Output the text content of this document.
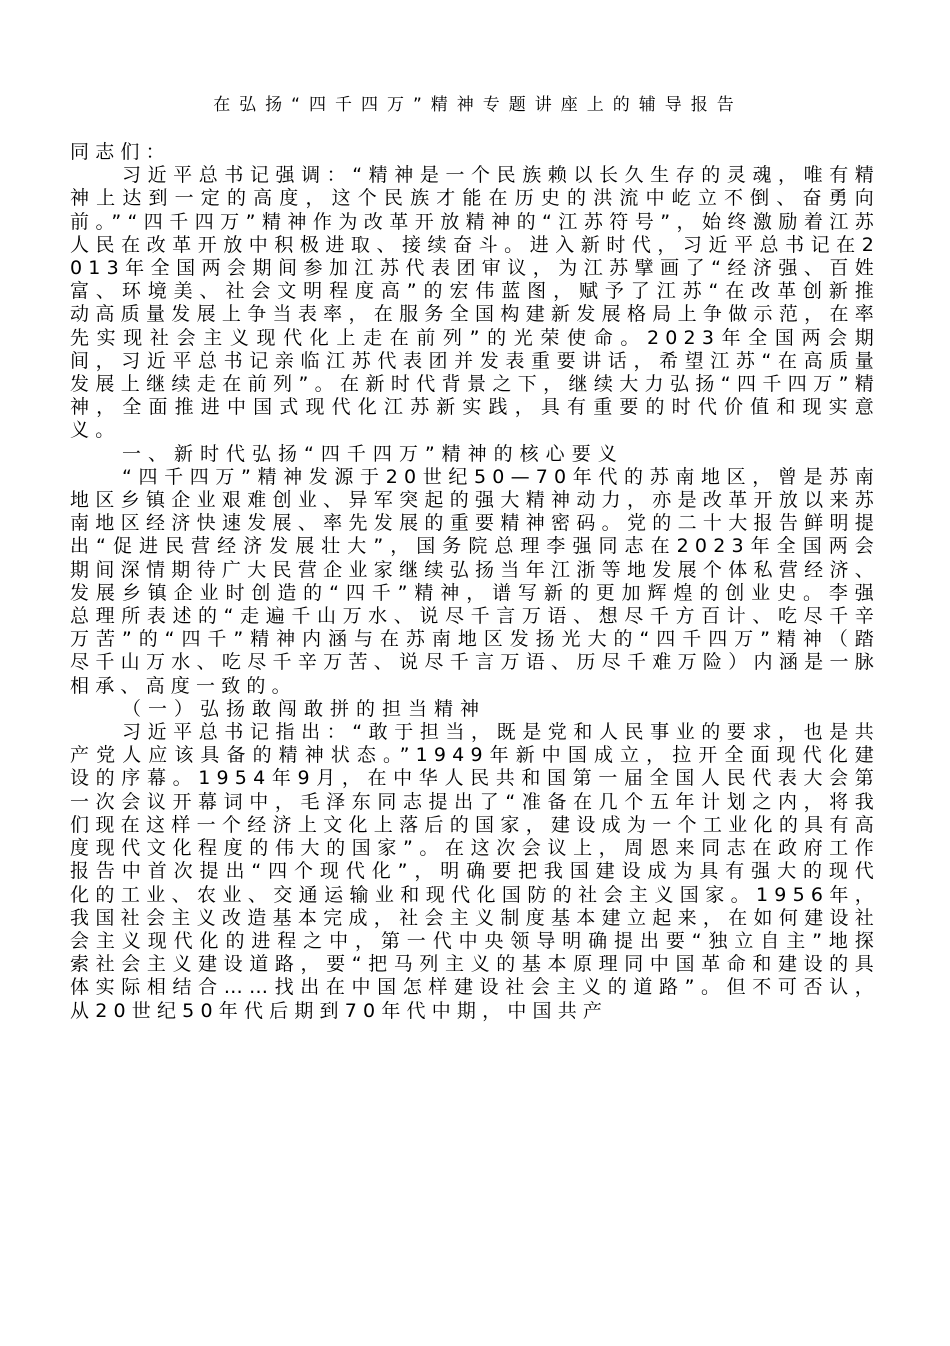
在弘扬“四千四万”精神专题讲座上的辅导报告

同志们：

习近平总书记强调：“精神是一个民族赖以长久生存的灵魂，唯有精神上达到一定的高度，这个民族才能在历史的洪流中屹立不倒、奋勇向前。”“四千四万”精神作为改革开放精神的“江苏符号”，始终激励着江苏人民在改革开放中积极进取、接续奋斗。进入新时代，习近平总书记在2013年全国两会期间参加江苏代表团审议，为江苏擘画了“经济强、百姓富、环境美、社会文明程度高”的宏伟蓝图，赋予了江苏“在改革创新推动高质量发展上争当表率，在服务全国构建新发展格局上争做示范，在率先实现社会主义现代化上走在前列”的光荣使命。2023年全国两会期间，习近平总书记亲临江苏代表团并发表重要讲话，希望江苏“在高质量发展上继续走在前列”。在新时代背景之下，继续大力弘扬“四千四万”精神，全面推进中国式现代化江苏新实践，具有重要的时代价值和现实意义。

一、新时代弘扬“四千四万”精神的核心要义

“四千四万”精神发源于20世纪50—70年代的苏南地区，曾是苏南地区乡镇企业艰难创业、异军突起的强大精神动力，亦是改革开放以来苏南地区经济快速发展、率先发展的重要精神密码。党的二十大报告鲜明提出“促进民营经济发展壮大”，国务院总理李强同志在2023年全国两会期间深情期待广大民营企业家继续弘扬当年江浙等地发展个体私营经济、发展乡镇企业时创造的“四千”精神，谱写新的更加辉煌的创业史。李强总理所表述的“走遍千山万水、说尽千言万语、想尽千方百计、吃尽千辛万苦”的“四千”精神内涵与在苏南地区发扬光大的“四千四万”精神（踏尽千山万水、吃尽千辛万苦、说尽千言万语、历尽千难万险）内涵是一脉相承、高度一致的。

（一）弘扬敢闯敢拼的担当精神

习近平总书记指出：“敢于担当，既是党和人民事业的要求，也是共产党人应该具备的精神状态。”1949年新中国成立，拉开全面现代化建设的序幕。1954年9月，在中华人民共和国第一届全国人民代表大会第一次会议开幕词中，毛泽东同志提出了“准备在几个五年计划之内，将我们现在这样一个经济上文化上落后的国家，建设成为一个工业化的具有高度现代文化程度的伟大的国家”。在这次会议上，周恩来同志在政府工作报告中首次提出“四个现代化”，明确要把我国建设成为具有强大的现代化的工业、农业、交通运输业和现代化国防的社会主义国家。1956年，我国社会主义改造基本完成，社会主义制度基本建立起来，在如何建设社会主义现代化的进程之中，第一代中央领导明确提出要“独立自主”地探索社会主义建设道路，要“把马列主义的基本原理同中国革命和建设的具体实际相结合……找出在中国怎样建设社会主义的道路”。但不可否认，从20世纪50年代后期到70年代中期，中国共产
